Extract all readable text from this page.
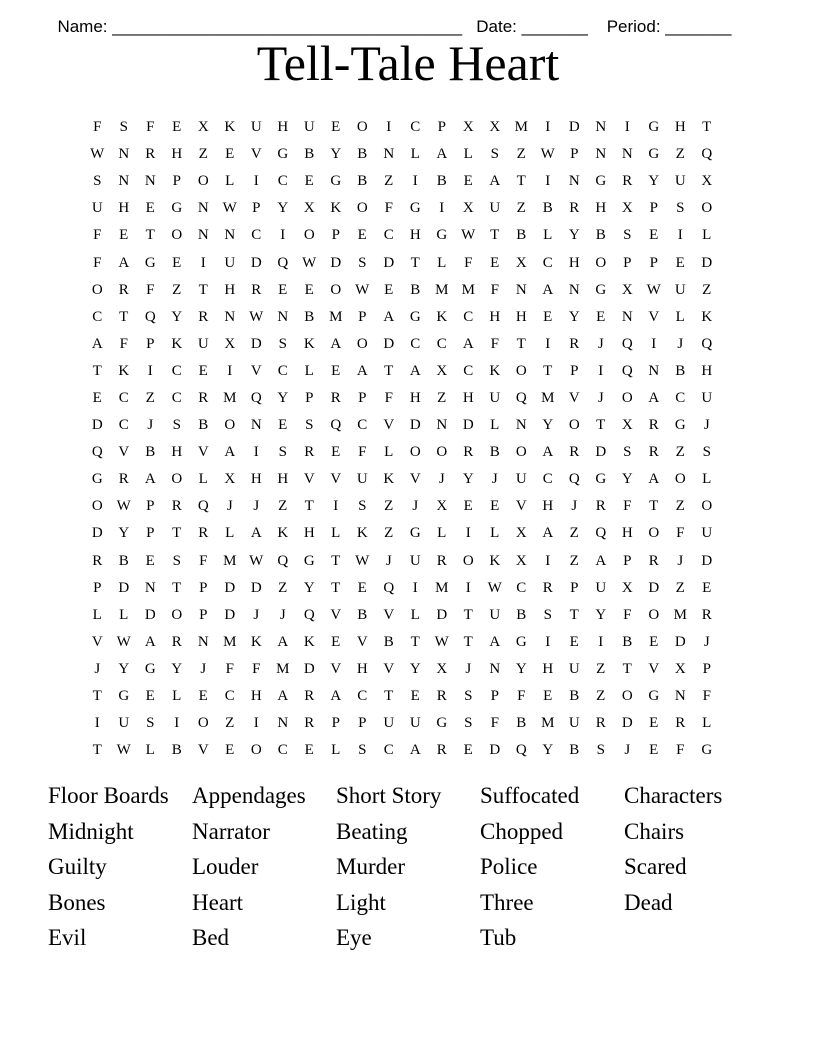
Name: _____________________________________ Date: _______ Period: _______

Tell-Tale Heart
F	S	F	E	X	K	U	H	U	E	O	I	C	P	X	X M	I	D	N	I	G	H	T
W N	R	H	Z	E	V	G	B	Y	B	N	L	A	L	S	Z W	P	N	N	G	Z	Q
S	N	N	P	O	L	I	C	E	G	B	Z	I	B	E	A	T	I	N	G	R	Y	U	X
U	H	E	G	N W	P	Y	X	K	O	F	G	I	X	U	Z	B	R	H	X	P	S	O
F	E	T	O	N	N	C	I	O	P	E	C	H	G W T	B	L	Y	B	S	E	I	L
F	A	G	E	I	U	D	Q W D	S	D	T	L	F	E	X	C	H	O	P	P	E	D
O	R	F	Z	T	H	R	E	E	O W E	B M M	F	N	A	N	G	X W U	Z
C	T	Q	Y	R	N W N	B M	P	A	G	K	C	H	H	E	Y	E	N	V	L	K
A	F	P	K	U	X	D	S	K	A	O	D	C	C	A	F	T	I	R	J	Q	I	J	Q
T	K	I	C	E	I	V	C	L	E	A	T	A	X	C	K	O	T	P	I	Q	N	B	H
E	C	Z	C	R M Q	Y	P	R	P	F	H	Z	H	U	Q M V	J	O	A	C	U
D	C	J	S	B	O	N	E	S	Q	C	V	D	N	D	L	N	Y	O	T	X	R	G	J
Q	V	B	H	V	A	I	S	R	E	F	L	O	O	R	B	O	A	R	D	S	R	Z	S
G	R	A	O	L	X	H	H	V	V	U	K	V	J	Y	J	U	C	Q	G	Y	A	O	L
O W	P	R	Q	J	J	Z	T	I	S	Z	J	X	E	E	V	H	J	R	F	T	Z	O
D	Y	P	T	R	L	A	K	H	L	K	Z	G	L	I	L	X	A	Z	Q	H	O	F	U
R	B	E	S	F	M W Q	G	T W	J	U	R	O	K	X	I	Z	A	P	R	J	D
P	D	N	T	P	D	D	Z	Y	T	E	Q	I	M	I	W C	R	P	U	X	D	Z	E
L	L	D	O	P	D	J	J	Q	V	B	V	L	D	T	U	B	S	T	Y	F	O M R
V W A	R	N M K	A	K	E	V	B	T W T	A	G	I	E	I	B	E	D	J
J	Y	G	Y	J	F	F	M D	V	H	V	Y	X	J	N	Y	H	U	Z	T	V	X	P
T	G	E	L	E	C	H	A	R	A	C	T	E	R	S	P	F	E	B	Z	O	G	N	F
I	U	S	I	O	Z	I	N	R	P	P	U	U	G	S	F	B M U	R	D	E	R	L
T W L	B	V	E	O	C	E	L	S	C	A	R	E	D	Q	Y	B	S	J	E	F	G
Floor Boards	Appendages	Short Story	Suffocated	Characters
Midnight	Narrator	Beating	Chopped	Chairs
Guilty	Louder	Murder	Police	Scared
Bones	Heart	Light	Three	Dead
Evil	Bed	Eye	Tub
